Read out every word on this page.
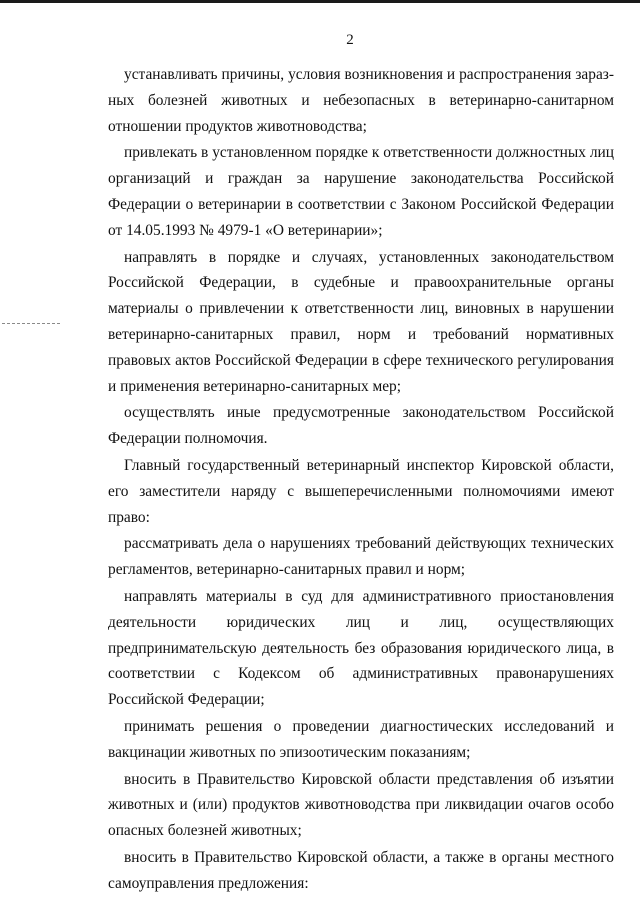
2

устанавливать причины, условия возникновения и распространения заразных болезней животных и небезопасных в ветеринарно-санитарном отношении продуктов животноводства;

привлекать в установленном порядке к ответственности должностных лиц организаций и граждан за нарушение законодательства Российской Федерации о ветеринарии в соответствии с Законом Российской Федерации от 14.05.1993 № 4979-1 «О ветеринарии»;

направлять в порядке и случаях, установленных законодательством Российской Федерации, в судебные и правоохранительные органы материалы о привлечении к ответственности лиц, виновных в нарушении ветеринарно-санитарных правил, норм и требований нормативных правовых актов Российской Федерации в сфере технического регулирования и применения ветеринарно-санитарных мер;

осуществлять иные предусмотренные законодательством Российской Федерации полномочия.

Главный государственный ветеринарный инспектор Кировской области, его заместители наряду с вышеперечисленными полномочиями имеют право:

рассматривать дела о нарушениях требований действующих технических регламентов, ветеринарно-санитарных правил и норм;

направлять материалы в суд для административного приостановления деятельности юридических лиц и лиц, осуществляющих предпринимательскую деятельность без образования юридического лица, в соответствии с Кодексом об административных правонарушениях Российской Федерации;

принимать решения о проведении диагностических исследований и вакцинации животных по эпизоотическим показаниям;

вносить в Правительство Кировской области представления об изъятии животных и (или) продуктов животноводства при ликвидации очагов особо опасных болезней животных;

вносить в Правительство Кировской области, а также в органы местного самоуправления предложения:
